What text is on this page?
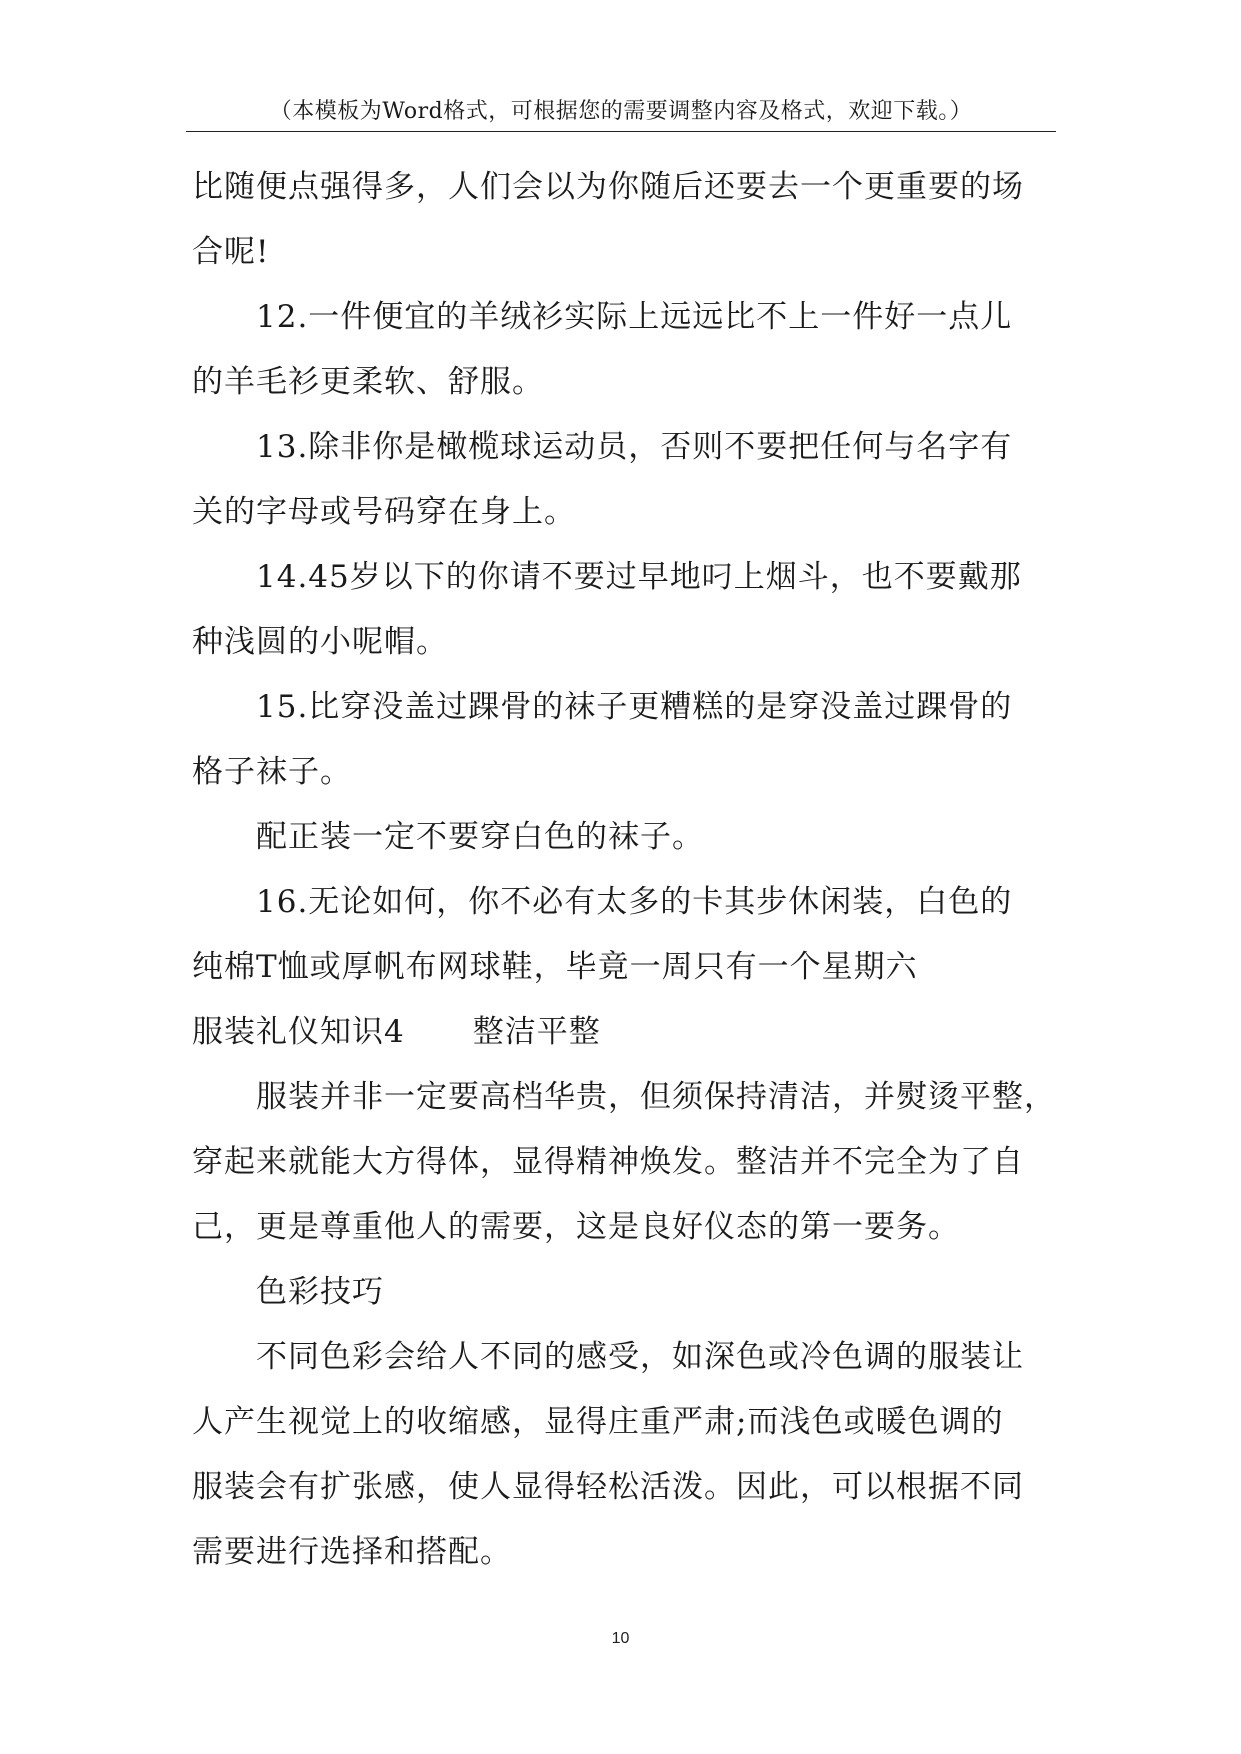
（本模板为Word格式，可根据您的需要调整内容及格式，欢迎下载。）

比随便点强得多，人们会以为你随后还要去一个更重要的场

合呢!

12.一件便宜的羊绒衫实际上远远比不上一件好一点儿

的羊毛衫更柔软、舒服。

13.除非你是橄榄球运动员，否则不要把任何与名字有

关的字母或号码穿在身上。

14.45岁以下的你请不要过早地叼上烟斗，也不要戴那

种浅圆的小呢帽。

15.比穿没盖过踝骨的袜子更糟糕的是穿没盖过踝骨的

格子袜子。

配正装一定不要穿白色的袜子。

16.无论如何，你不必有太多的卡其步休闲装，白色的

纯棉T恤或厚帆布网球鞋，毕竟一周只有一个星期六

服装礼仪知识4 整洁平整

服装并非一定要高档华贵，但须保持清洁，并熨烫平整，

穿起来就能大方得体，显得精神焕发。整洁并不完全为了自

己，更是尊重他人的需要，这是良好仪态的第一要务。

色彩技巧

不同色彩会给人不同的感受，如深色或冷色调的服装让

人产生视觉上的收缩感，显得庄重严肃;而浅色或暖色调的

服装会有扩张感，使人显得轻松活泼。因此，可以根据不同

需要进行选择和搭配。

10
